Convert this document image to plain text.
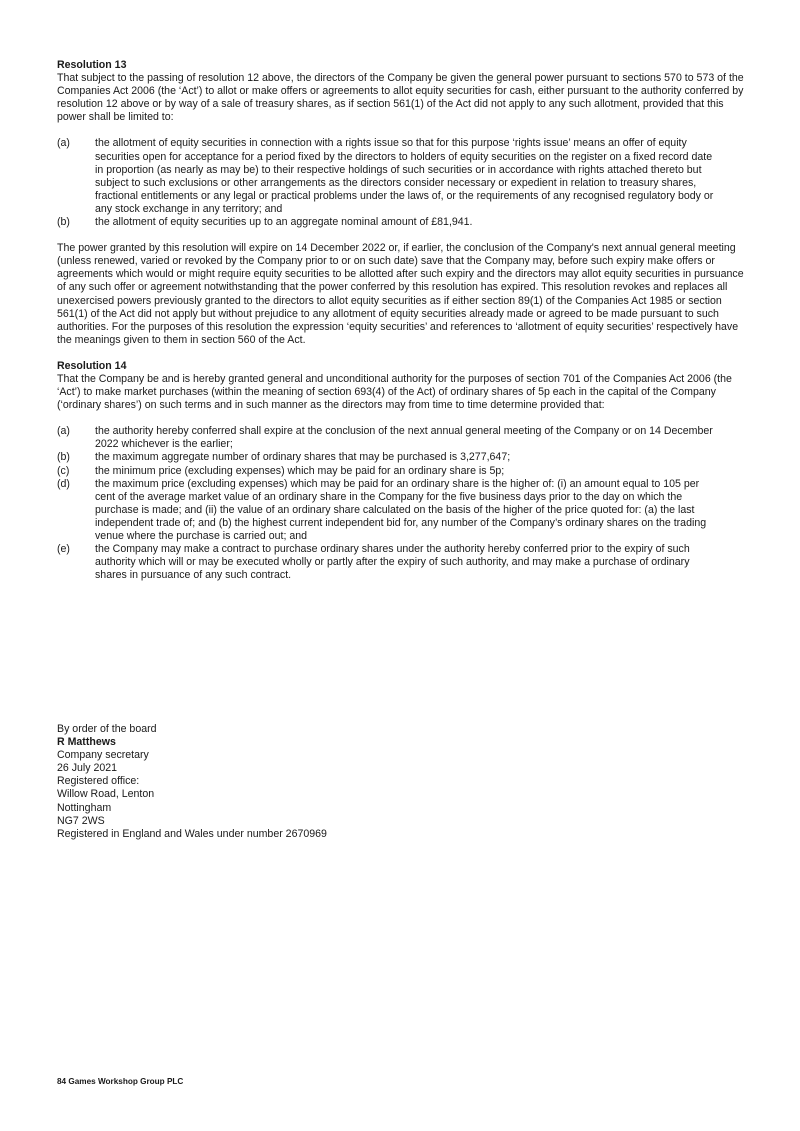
Resolution 13

That subject to the passing of resolution 12 above, the directors of the Company be given the general power pursuant to sections 570 to 573 of the Companies Act 2006 (the ‘Act’) to allot or make offers or agreements to allot equity securities for cash, either pursuant to the authority conferred by resolution 12 above or by way of a sale of treasury shares, as if section 561(1) of the Act did not apply to any such allotment, provided that this power shall be limited to:

(a)	the allotment of equity securities in connection with a rights issue so that for this purpose ‘rights issue’ means an offer of equity securities open for acceptance for a period fixed by the directors to holders of equity securities on the register on a fixed record date in proportion (as nearly as may be) to their respective holdings of such securities or in accordance with rights attached thereto but subject to such exclusions or other arrangements as the directors consider necessary or expedient in relation to treasury shares, fractional entitlements or any legal or practical problems under the laws of, or the requirements of any recognised regulatory body or any stock exchange in any territory; and
(b)	the allotment of equity securities up to an aggregate nominal amount of £81,941.

The power granted by this resolution will expire on 14 December 2022 or, if earlier, the conclusion of the Company's next annual general meeting (unless renewed, varied or revoked by the Company prior to or on such date) save that the Company may, before such expiry make offers or agreements which would or might require equity securities to be allotted after such expiry and the directors may allot equity securities in pursuance of any such offer or agreement notwithstanding that the power conferred by this resolution has expired. This resolution revokes and replaces all unexercised powers previously granted to the directors to allot equity securities as if either section 89(1) of the Companies Act 1985 or section 561(1) of the Act did not apply but without prejudice to any allotment of equity securities already made or agreed to be made pursuant to such authorities. For the purposes of this resolution the expression ‘equity securities’ and references to ‘allotment of equity securities’ respectively have the meanings given to them in section 560 of the Act.

Resolution 14

That the Company be and is hereby granted general and unconditional authority for the purposes of section 701 of the Companies Act 2006 (the ‘Act’) to make market purchases (within the meaning of section 693(4) of the Act) of ordinary shares of 5p each in the capital of the Company (‘ordinary shares’) on such terms and in such manner as the directors may from time to time determine provided that:

(a)	the authority hereby conferred shall expire at the conclusion of the next annual general meeting of the Company or on 14 December 2022 whichever is the earlier;
(b)	the maximum aggregate number of ordinary shares that may be purchased is 3,277,647;
(c)	the minimum price (excluding expenses) which may be paid for an ordinary share is 5p;
(d)	the maximum price (excluding expenses) which may be paid for an ordinary share is the higher of: (i) an amount equal to 105 per cent of the average market value of an ordinary share in the Company for the five business days prior to the day on which the purchase is made; and (ii) the value of an ordinary share calculated on the basis of the higher of the price quoted for: (a) the last independent trade of; and (b) the highest current independent bid for, any number of the Company’s ordinary shares on the trading venue where the purchase is carried out; and
(e)	the Company may make a contract to purchase ordinary shares under the authority hereby conferred prior to the expiry of such authority which will or may be executed wholly or partly after the expiry of such authority, and may make a purchase of ordinary shares in pursuance of any such contract.

By order of the board

R Matthews

Company secretary

26 July 2021

Registered office:

Willow Road, Lenton

Nottingham

NG7 2WS

Registered in England and Wales under number 2670969

84 Games Workshop Group PLC
